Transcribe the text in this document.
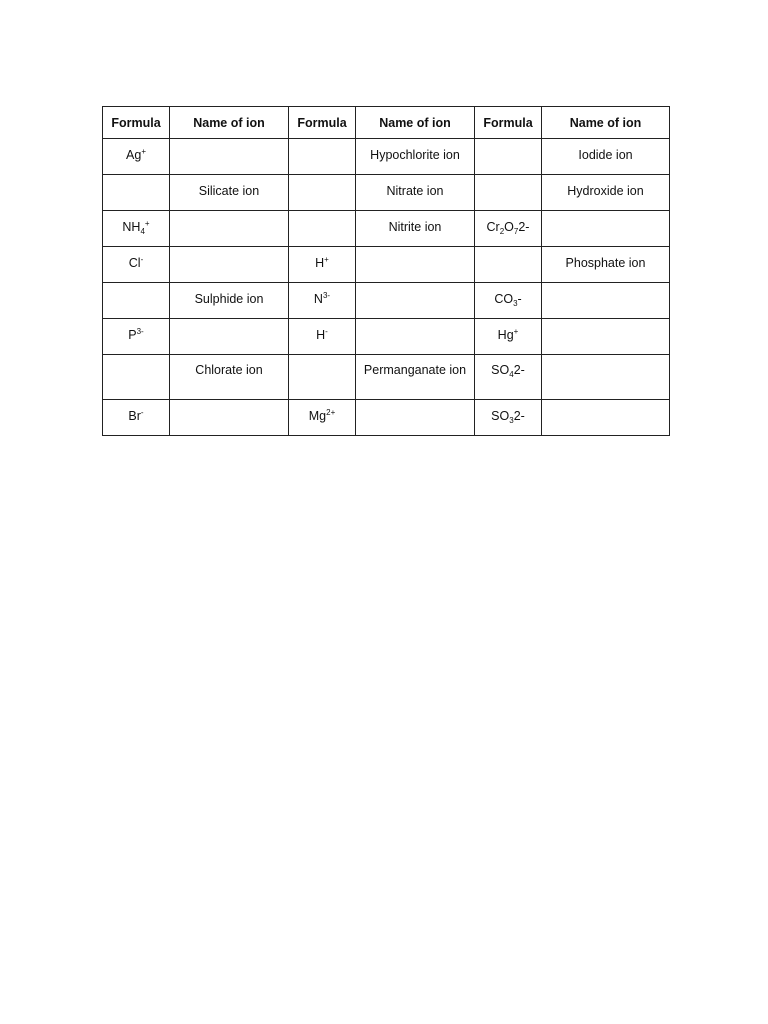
Formula	Name of ion	Formula	Name of ion	Formula	Name of ion
Ag+			Hypochlorite ion		Iodide ion
	Silicate ion		Nitrate ion		Hydroxide ion
$NH_4^+$			Nitrite ion	$Cr_2O_72-$	
Cl-		H+			Phosphate ion
	Sulphide ion	$N^{3-}$		$CO_3-$	
$P^{3-}$		H-		Hg+	
	Chlorate ion		Permanganate ion	$SO_42-$	
Br-		$Mg^{2+}$		$SO_32-$	
